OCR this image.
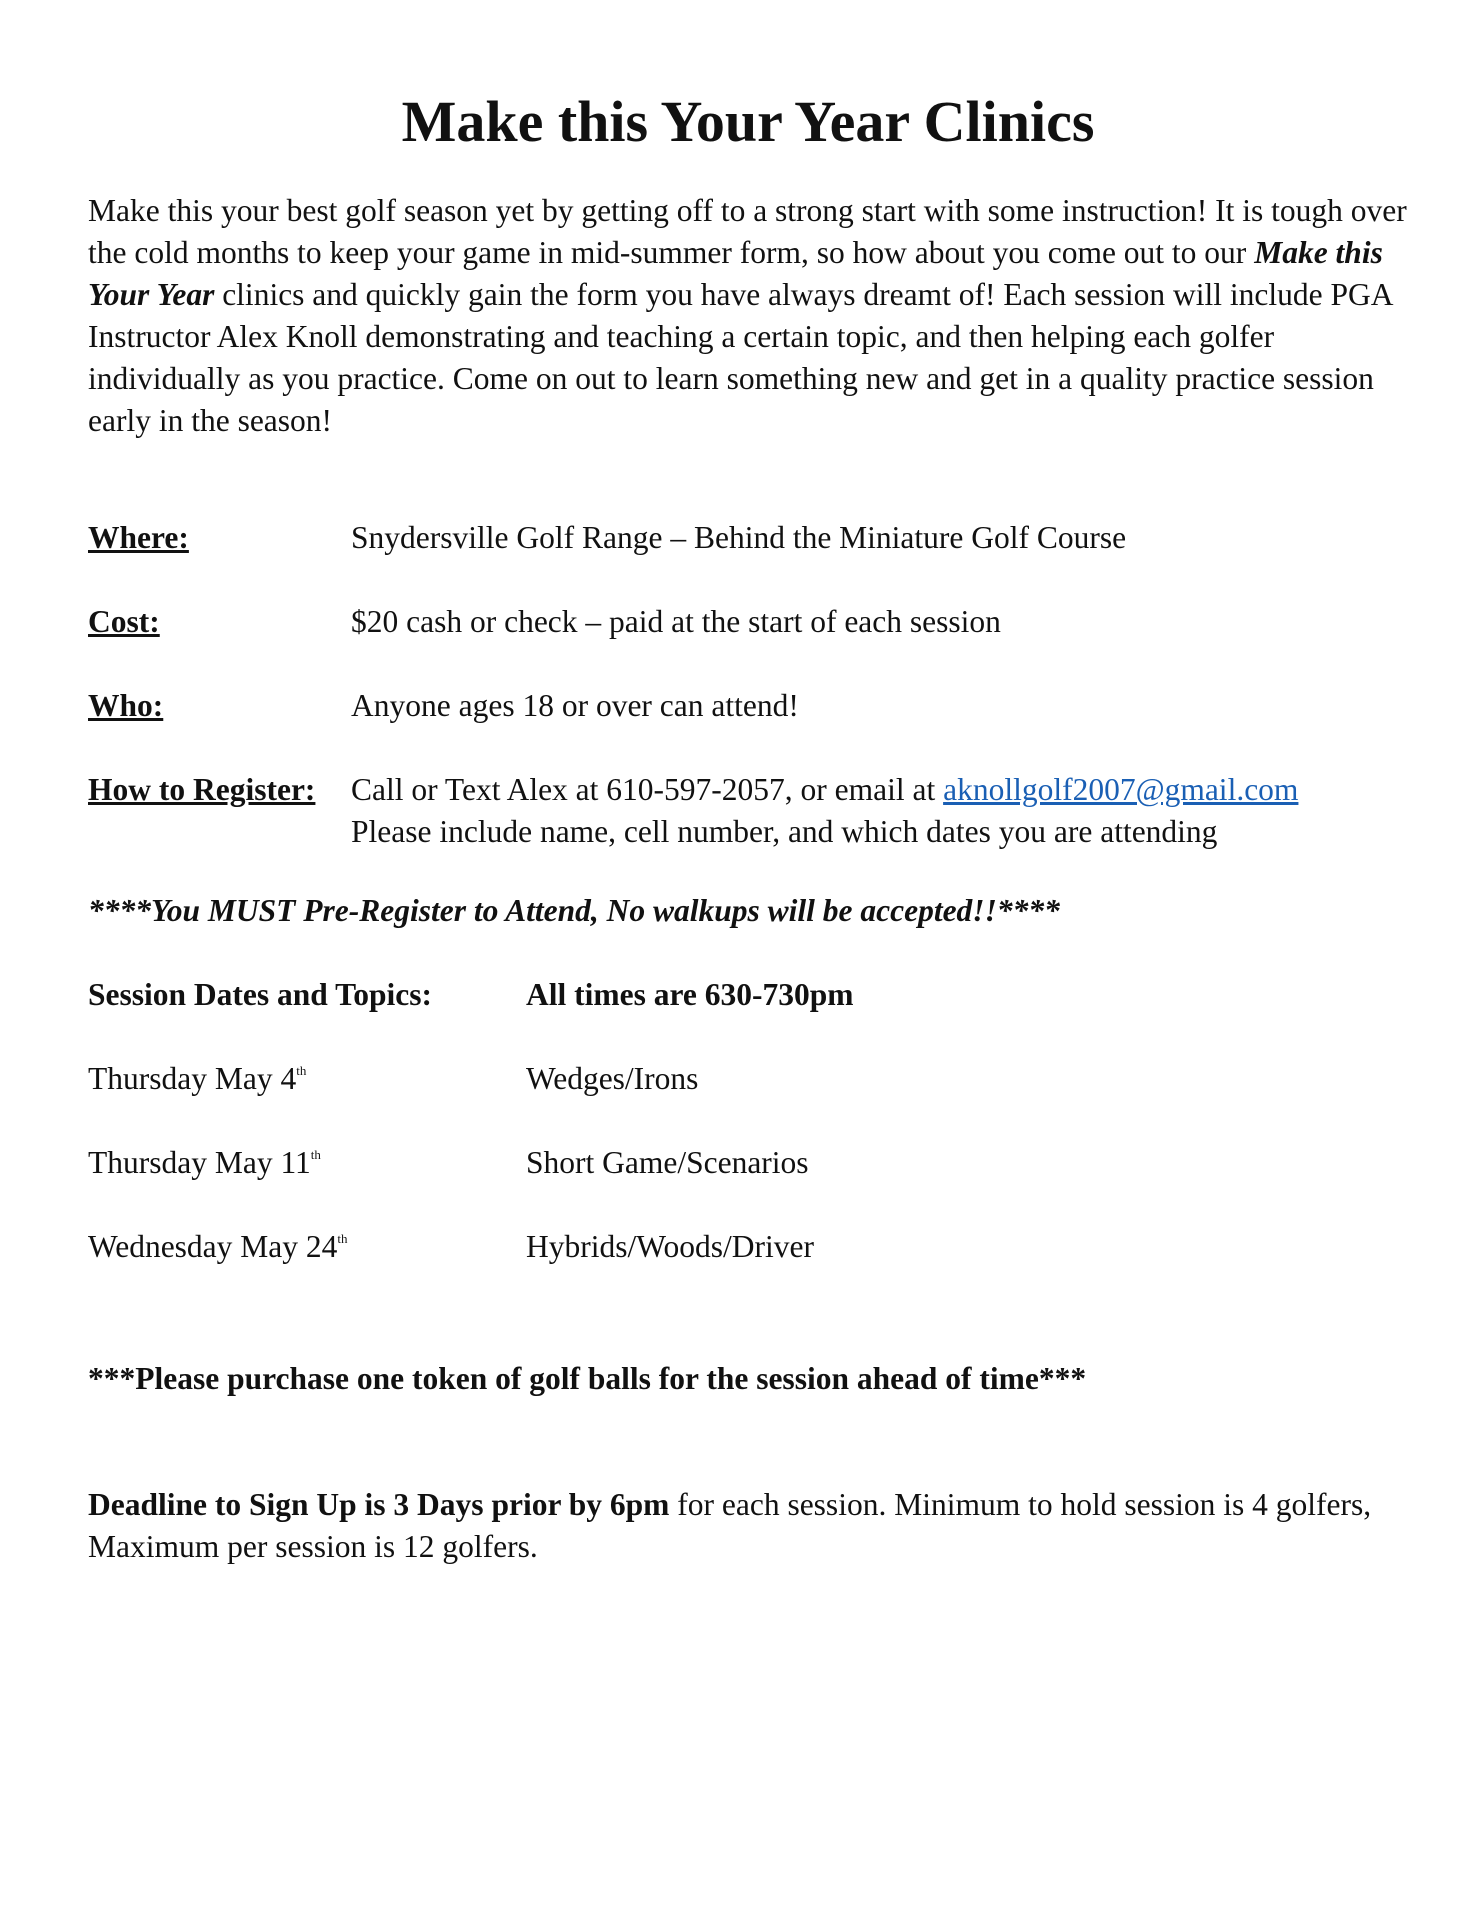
Make this Your Year Clinics

Make this your best golf season yet by getting off to a strong start with some instruction! It is tough over the cold months to keep your game in mid-summer form, so how about you come out to our Make this Your Year clinics and quickly gain the form you have always dreamt of! Each session will include PGA Instructor Alex Knoll demonstrating and teaching a certain topic, and then helping each golfer individually as you practice. Come on out to learn something new and get in a quality practice session early in the season!

Where:	Snydersville Golf Range – Behind the Miniature Golf Course
Cost:	$20 cash or check – paid at the start of each session
Who:	Anyone ages 18 or over can attend!
How to Register: Call or Text Alex at 610-597-2057, or email at aknollgolf2007@gmail.com
Please include name, cell number, and which dates you are attending
****You MUST Pre-Register to Attend, No walkups will be accepted!!****
Session Dates and Topics:	All times are 630-730pm
Thursday May 4th	Wedges/Irons
Thursday May 11th	Short Game/Scenarios
Wednesday May 24th	Hybrids/Woods/Driver
***Please purchase one token of golf balls for the session ahead of time***

Deadline to Sign Up is 3 Days prior by 6pm for each session. Minimum to hold session is 4 golfers, Maximum per session is 12 golfers.
